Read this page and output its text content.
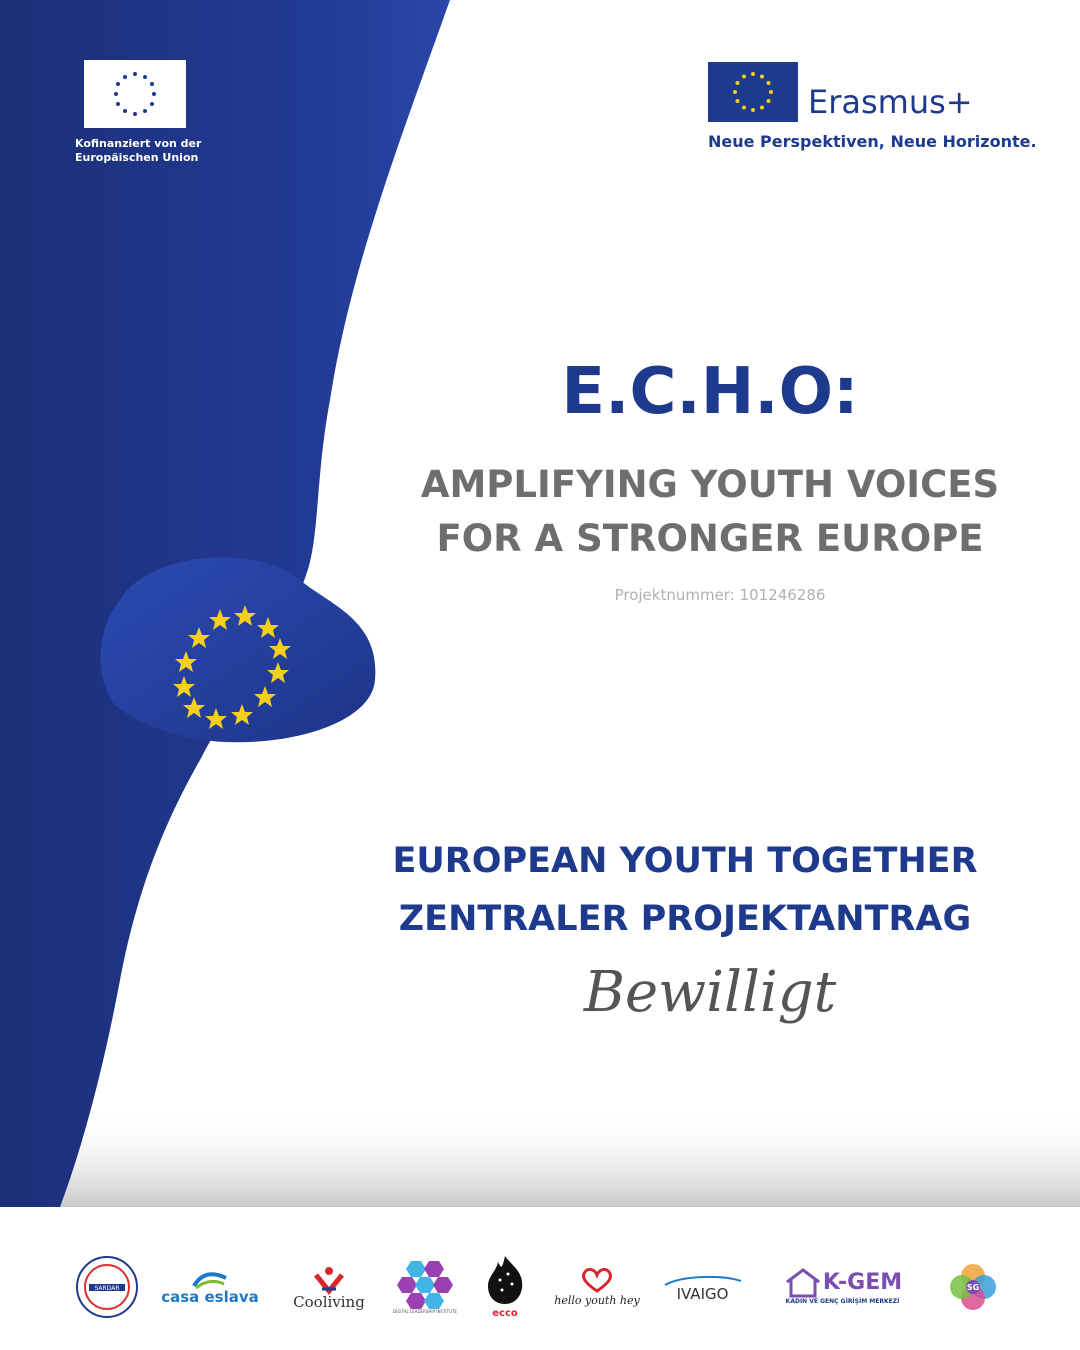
Kofinanziert von der
Europäischen Union
Erasmus+
Neue Perspektiven, Neue Horizonte.
E.C.H.O:
AMPLIFYING YOUTH VOICES
FOR A STRONGER EUROPE
Projektnummer: 101246286
EUROPEAN YOUTH TOGETHER
ZENTRALER PROJEKTANTRAG
Bewilligt
SARDAR	casa eslava Cooliving
DIGITAL LEADERSHIP INSTITUTE	ecco
hello youth hey IVAIGO	K-GEM
KADIN VE GENÇ GİRİŞİM MERKEZİ
SG
